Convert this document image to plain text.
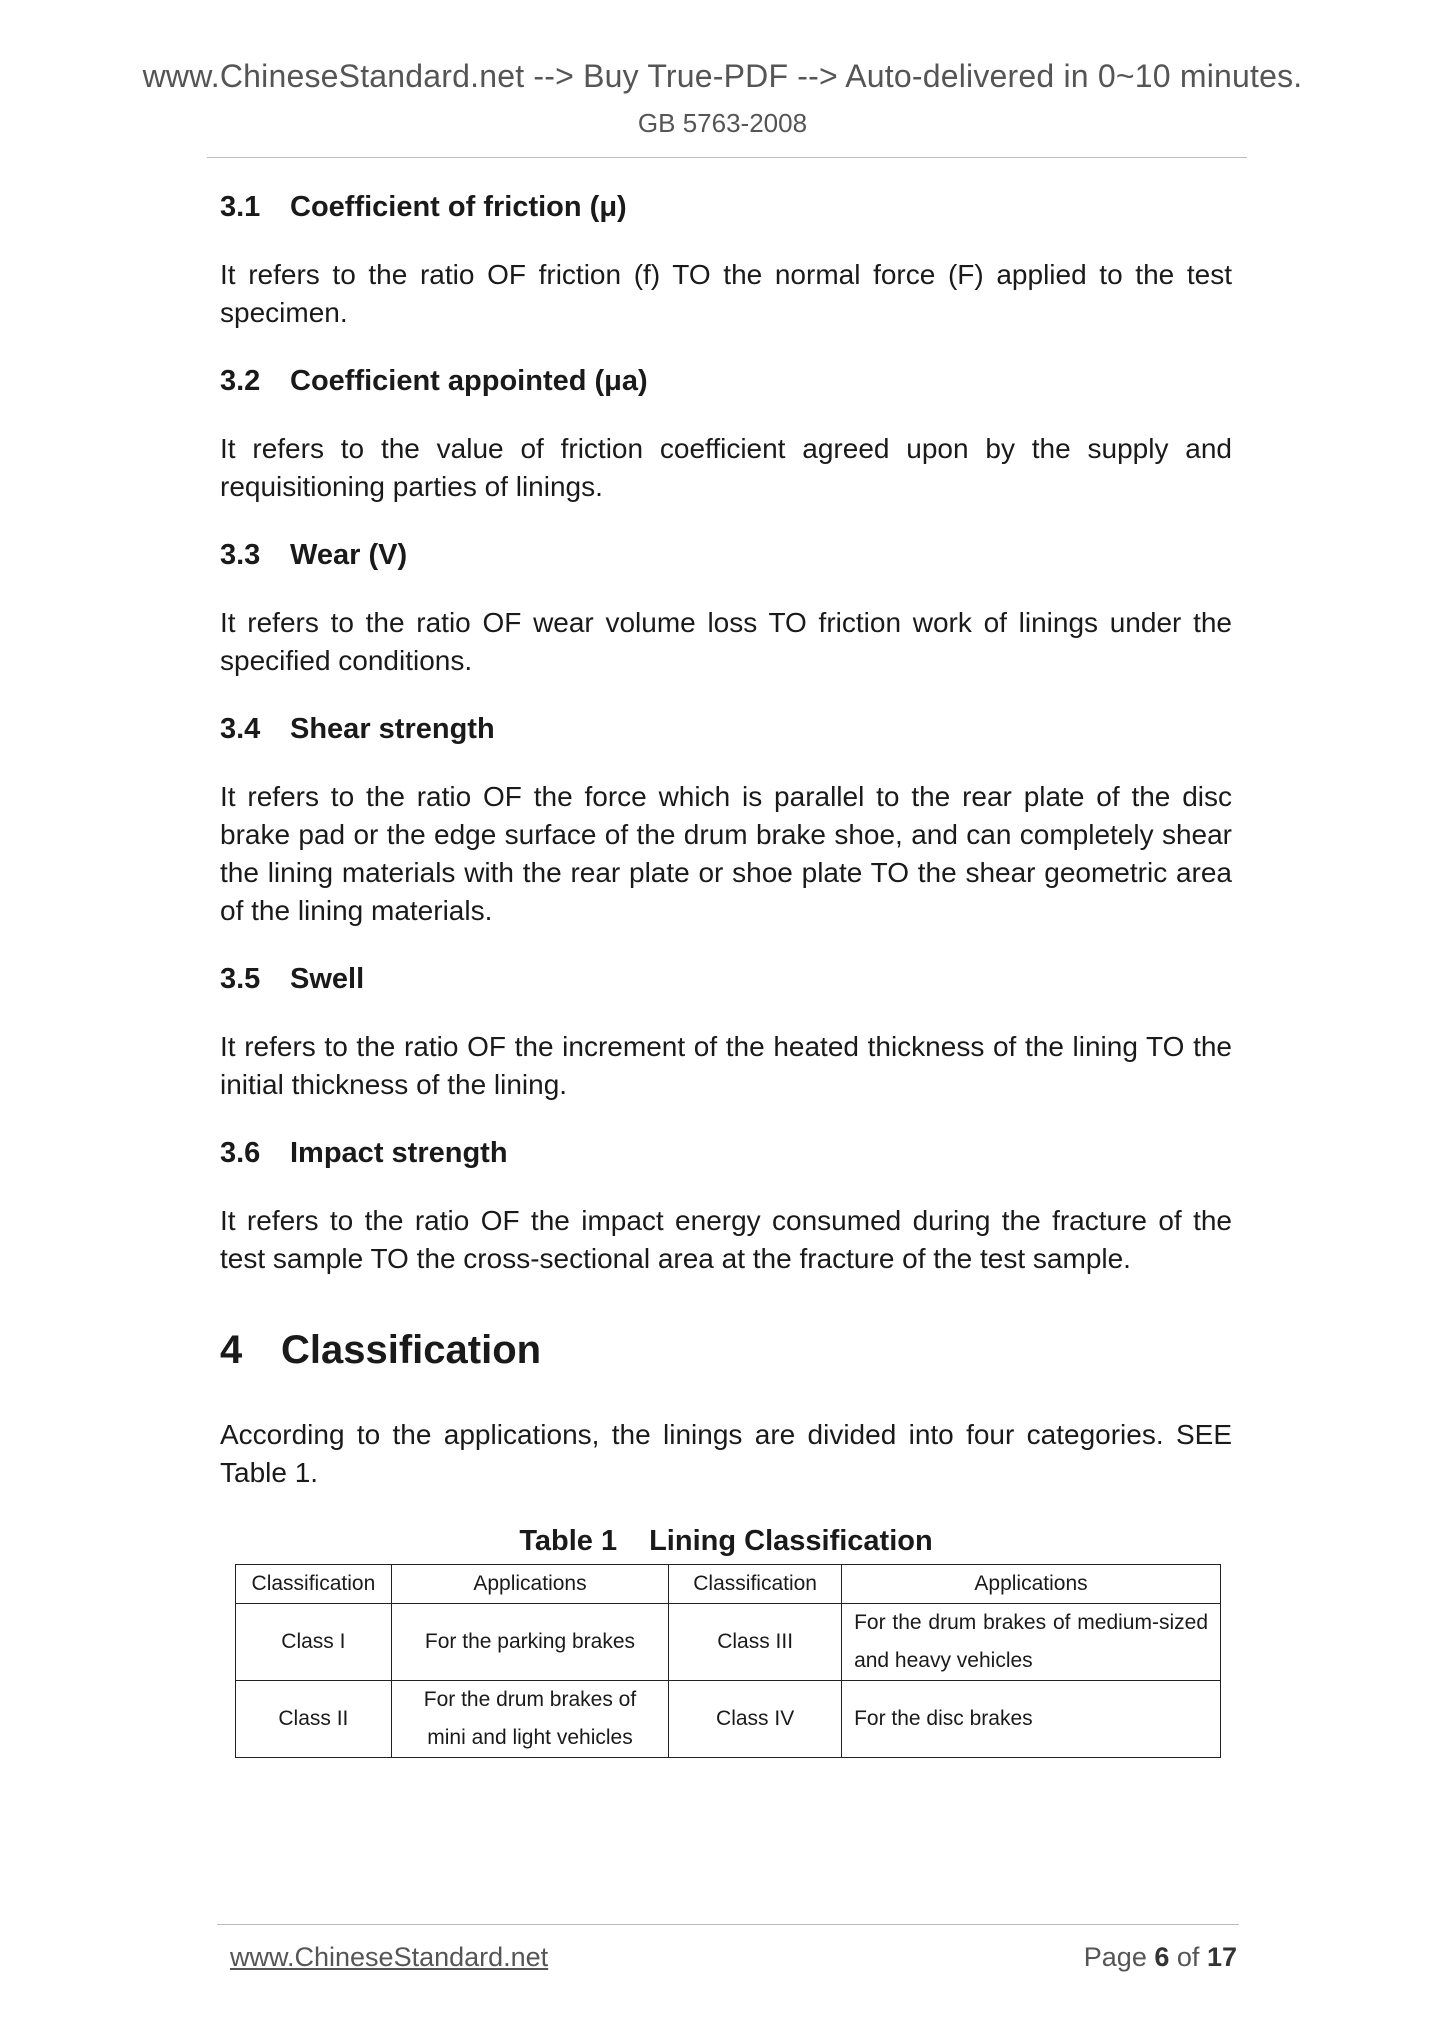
www.ChineseStandard.net --> Buy True-PDF --> Auto-delivered in 0~10 minutes.
GB 5763-2008
3.1	Coefficient of friction (μ)

It refers to the ratio OF friction (f) TO the normal force (F) applied to the test specimen.

3.2	Coefficient appointed (μa)

It refers to the value of friction coefficient agreed upon by the supply and requisitioning parties of linings.

3.3	Wear (V)

It refers to the ratio OF wear volume loss TO friction work of linings under the specified conditions.

3.4	Shear strength

It refers to the ratio OF the force which is parallel to the rear plate of the disc brake pad or the edge surface of the drum brake shoe, and can completely shear the lining materials with the rear plate or shoe plate TO the shear geometric area of the lining materials.

3.5	Swell

It refers to the ratio OF the increment of the heated thickness of the lining TO the initial thickness of the lining.

3.6	Impact strength

It refers to the ratio OF the impact energy consumed during the fracture of the test sample TO the cross-sectional area at the fracture of the test sample.

4 Classification

According to the applications, the linings are divided into four categories. SEE Table 1.

Table 1 Lining Classification
Classification	Applications	Classification	Applications
Class I	For the parking brakes	Class III	For the drum brakes of medium-sized and heavy vehicles
Class II	For the drum brakes of mini and light vehicles	Class IV	For the disc brakes
www.ChineseStandard.net	Page 6 of 17
